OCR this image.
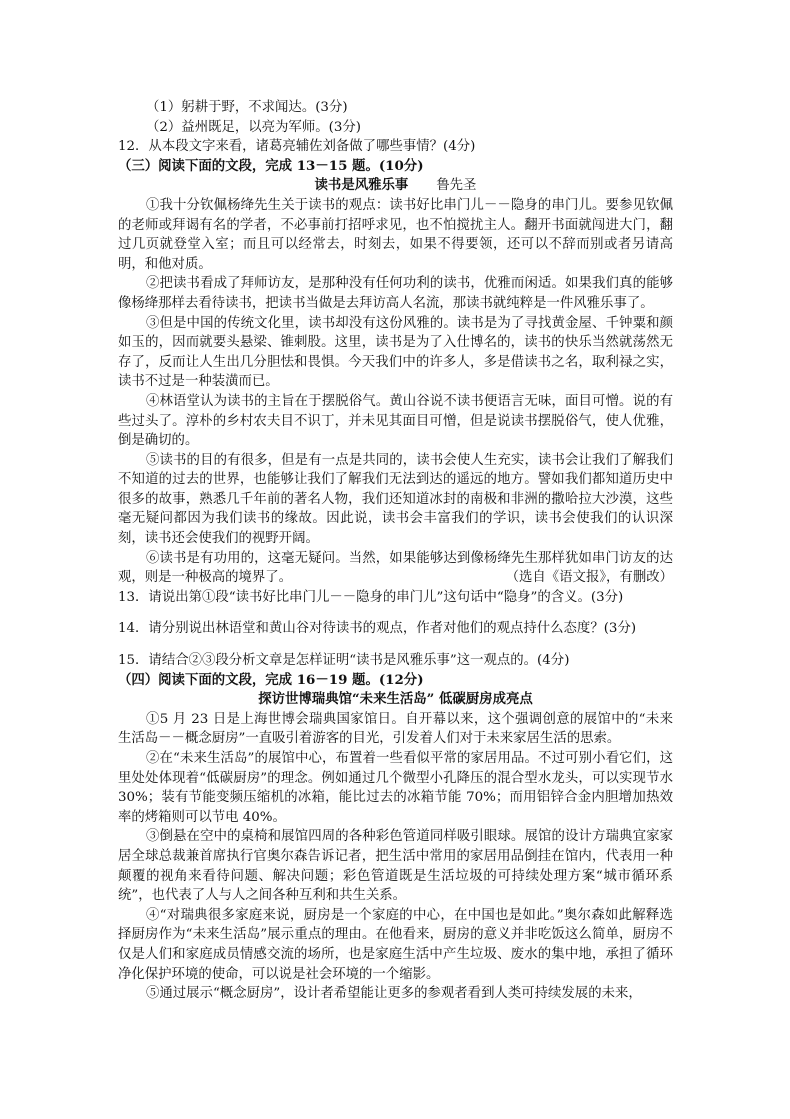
（1）躬耕于野，不求闻达。(3分)
（2）益州既足，以亮为军师。(3分)
12．从本段文字来看，诸葛亮辅佐刘备做了哪些事情？(4分)
（三）阅读下面的文段，完成 13－15 题。(10分)
读书是风雅乐事 鲁先圣

①我十分钦佩杨绛先生关于读书的观点：读书好比串门儿－－隐身的串门儿。要参见钦佩的老师或拜谒有名的学者，不必事前打招呼求见，也不怕搅扰主人。翻开书面就闯进大门，翻过几页就登堂入室；而且可以经常去，时刻去，如果不得要领，还可以不辞而别或者另请高明，和他对质。

②把读书看成了拜师访友，是那种没有任何功利的读书，优雅而闲适。如果我们真的能够像杨绛那样去看待读书，把读书当做是去拜访高人名流，那读书就纯粹是一件风雅乐事了。

③但是中国的传统文化里，读书却没有这份风雅的。读书是为了寻找黄金屋、千钟粟和颜如玉的，因而就要头悬梁、锥刺股。这里，读书是为了入仕博名的，读书的快乐当然就荡然无存了，反而让人生出几分胆怯和畏惧。今天我们中的许多人，多是借读书之名，取利禄之实，读书不过是一种装潢而已。

④林语堂认为读书的主旨在于摆脱俗气。黄山谷说不读书便语言无味，面目可憎。说的有些过头了。淳朴的乡村农夫目不识丁，并未见其面目可憎，但是说读书摆脱俗气，使人优雅，倒是确切的。

⑤读书的目的有很多，但是有一点是共同的，读书会使人生充实，读书会让我们了解我们不知道的过去的世界，也能够让我们了解我们无法到达的遥远的地方。譬如我们都知道历史中很多的故事，熟悉几千年前的著名人物，我们还知道冰封的南极和非洲的撒哈拉大沙漠，这些毫无疑问都因为我们读书的缘故。因此说，读书会丰富我们的学识，读书会使我们的认识深刻，读书还会使我们的视野开阔。

⑥读书是有功用的，这毫无疑问。当然，如果能够达到像杨绛先生那样犹如串门访友的达观，则是一种极高的境界了。	（选自《语文报》，有删改）

13．请说出第①段“读书好比串门儿－－隐身的串门儿”这句话中“隐身”的含义。(3分)
14．请分别说出林语堂和黄山谷对待读书的观点，作者对他们的观点持什么态度？(3分)
15．请结合②③段分析文章是怎样证明“读书是风雅乐事”这一观点的。(4分)
（四）阅读下面的文段，完成 16－19 题。(12分)
探访世博瑞典馆“未来生活岛” 低碳厨房成亮点

①5 月 23 日是上海世博会瑞典国家馆日。自开幕以来，这个强调创意的展馆中的“未来生活岛－－概念厨房”一直吸引着游客的目光，引发着人们对于未来家居生活的思索。

②在“未来生活岛”的展馆中心，布置着一些看似平常的家居用品。不过可别小看它们，这里处处体现着“低碳厨房”的理念。例如通过几个微型小孔降压的混合型水龙头，可以实现节水 30%；装有节能变频压缩机的冰箱，能比过去的冰箱节能 70%；而用铝锌合金内胆增加热效率的烤箱则可以节电 40%。

③倒悬在空中的桌椅和展馆四周的各种彩色管道同样吸引眼球。展馆的设计方瑞典宜家家居全球总裁兼首席执行官奥尔森告诉记者，把生活中常用的家居用品倒挂在馆内，代表用一种颠覆的视角来看待问题、解决问题；彩色管道既是生活垃圾的可持续处理方案“城市循环系统”，也代表了人与人之间各种互利和共生关系。

④“对瑞典很多家庭来说，厨房是一个家庭的中心，在中国也是如此。”奥尔森如此解释选择厨房作为“未来生活岛”展示重点的理由。在他看来，厨房的意义并非吃饭这么简单，厨房不仅是人们和家庭成员情感交流的场所，也是家庭生活中产生垃圾、废水的集中地，承担了循环净化保护环境的使命，可以说是社会环境的一个缩影。

⑤通过展示“概念厨房”，设计者希望能让更多的参观者看到人类可持续发展的未来，
